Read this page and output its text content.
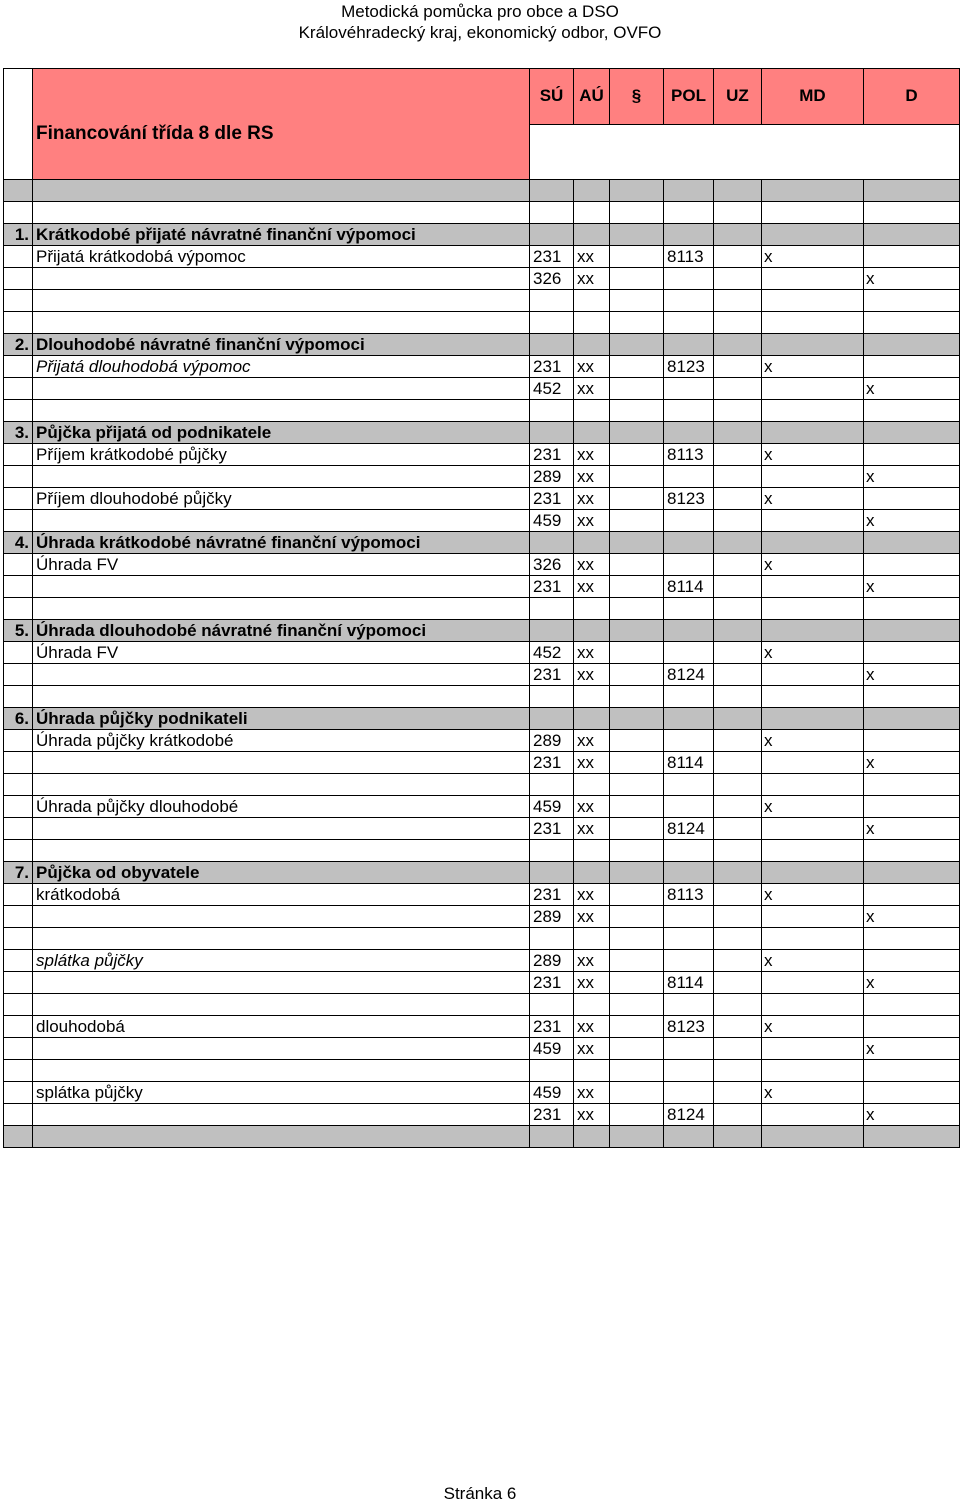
Metodická pomůcka pro obce a DSO
Královéhradecký kraj, ekonomický odbor, OVFO
	Financování třída 8 dle RS	SÚ	AÚ	§	POL	UZ	MD	D

1.	Krátkodobé přijaté návratné finanční výpomoci							
	Přijatá krátkodobá výpomoc	231	xx		8113		x	
		326	xx					x

2.	Dlouhodobé návratné finanční výpomoci							
	Přijatá dlouhodobá výpomoc	231	xx		8123		x	
		452	xx					x

3.	Půjčka přijatá od podnikatele							
	Příjem krátkodobé půjčky	231	xx		8113		x	
		289	xx					x
	Příjem dlouhodobé půjčky	231	xx		8123		x	
		459	xx					x
4.	Úhrada krátkodobé návratné finanční výpomoci							
	Úhrada FV	326	xx				x	
		231	xx		8114			x

5.	Úhrada dlouhodobé návratné finanční výpomoci							
	Úhrada FV	452	xx				x	
		231	xx		8124			x

6.	Úhrada půjčky podnikateli							
	Úhrada půjčky krátkodobé	289	xx				x	
		231	xx		8114			x

	Úhrada půjčky dlouhodobé	459	xx				x	
		231	xx		8124			x

7.	Půjčka od obyvatele							
	krátkodobá	231	xx		8113		x	
		289	xx					x

	splátka půjčky	289	xx				x	
		231	xx		8114			x

	dlouhodobá	231	xx		8123		x	
		459	xx					x

	splátka půjčky	459	xx				x	
		231	xx		8124			x

Stránka 6
